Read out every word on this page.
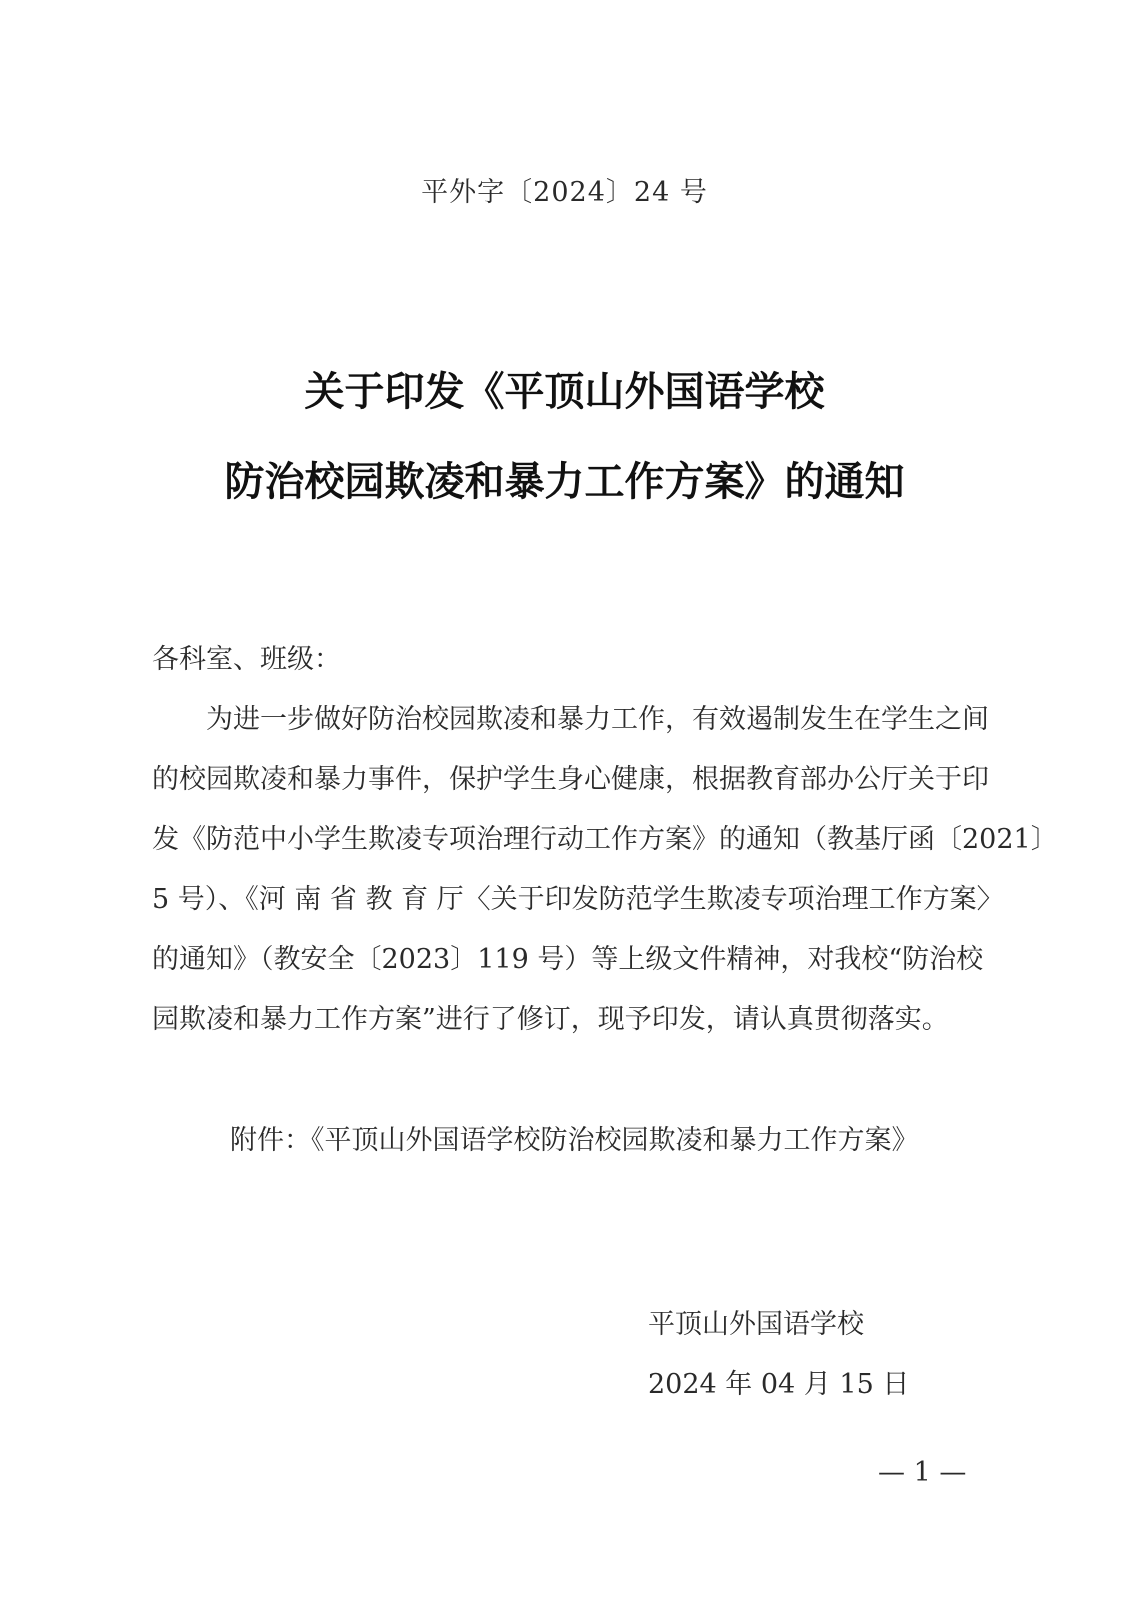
平外字〔2024〕24 号
关于印发《平顶山外国语学校
防治校园欺凌和暴力工作方案》的通知
各科室、班级：
为进一步做好防治校园欺凌和暴力工作，有效遏制发生在学生之间
的校园欺凌和暴力事件，保护学生身心健康，根据教育部办公厅关于印
发《防范中小学生欺凌专项治理行动工作方案》的通知（教基厅函〔2021〕
5 号）、《河 南 省 教 育 厅〈关于印发防范学生欺凌专项治理工作方案〉
的通知》（教安全〔2023〕119 号）等上级文件精神，对我校“防治校
园欺凌和暴力工作方案”进行了修订，现予印发，请认真贯彻落实。
附件：《平顶山外国语学校防治校园欺凌和暴力工作方案》
平顶山外国语学校
2024 年 04 月 15 日
— 1 —
